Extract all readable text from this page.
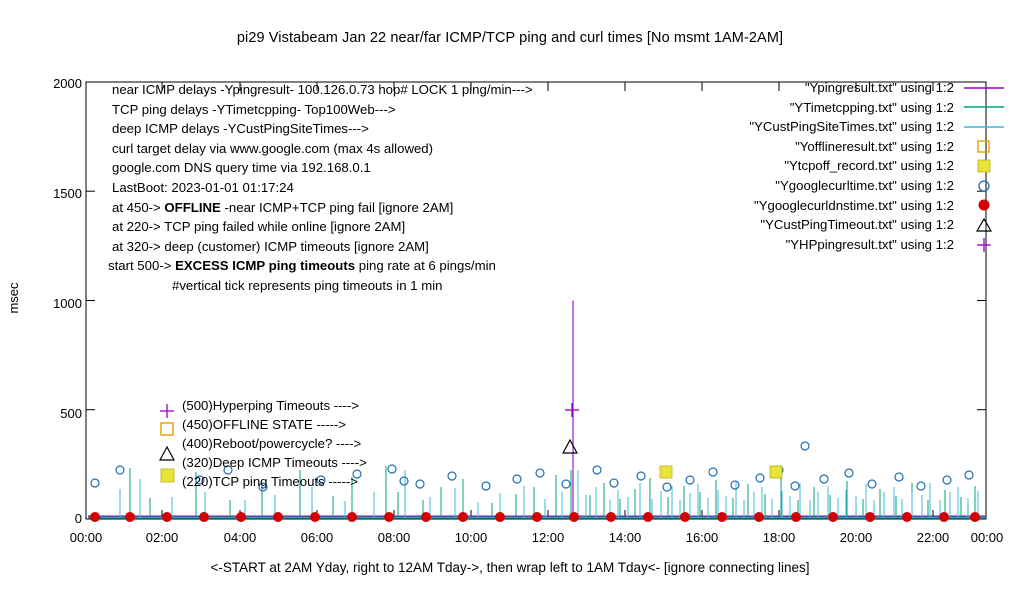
pi29 Vistabeam Jan 22 near/far ICMP/TCP ping and curl times [No msmt 1AM-2AM]
msec
<-START at 2AM Yday, right to 12AM Tday->, then wrap left to 1AM Tday<- [ignore connecting lines]
2000
1500
1000
500
0
00:00	02:00	04:00	06:00	08:00	10:00	12:00	14:00	16:00	18:00	20:00	22:00	00:00
near ICMP delays -Ypingresult- 100.126.0.73 hop# LOCK 1 ping/min--->
TCP ping delays -YTimetcpping- Top100Web--->
deep ICMP delays -YCustPingSiteTimes--->
curl target delay via www.google.com (max 4s allowed)
google.com DNS query time via 192.168.0.1
LastBoot: 2023-01-01 01:17:24
at 450-> OFFLINE -near ICMP+TCP ping fail [ignore 2AM]
at 220-> TCP ping failed while online [ignore 2AM]
at 320-> deep (customer) ICMP timeouts [ignore 2AM]
start 500-> EXCESS ICMP ping timeouts ping rate at 6 pings/min
#vertical tick represents ping timeouts in 1 min
(500)Hyperping Timeouts ---->
(450)OFFLINE STATE ----->
(400)Reboot/powercycle? ---->
(320)Deep ICMP Timeouts ---->
(220)TCP ping Timeouts ----->
"Ypingresult.txt" using 1:2
"YTimetcpping.txt" using 1:2
"YCustPingSiteTimes.txt" using 1:2
"Yofflineresult.txt" using 1:2
"Ytcpoff_record.txt" using 1:2
"Ygooglecurltime.txt" using 1:2
"Ygooglecurldnstime.txt" using 1:2
"YCustPingTimeout.txt" using 1:2
"YHPpingresult.txt" using 1:2
